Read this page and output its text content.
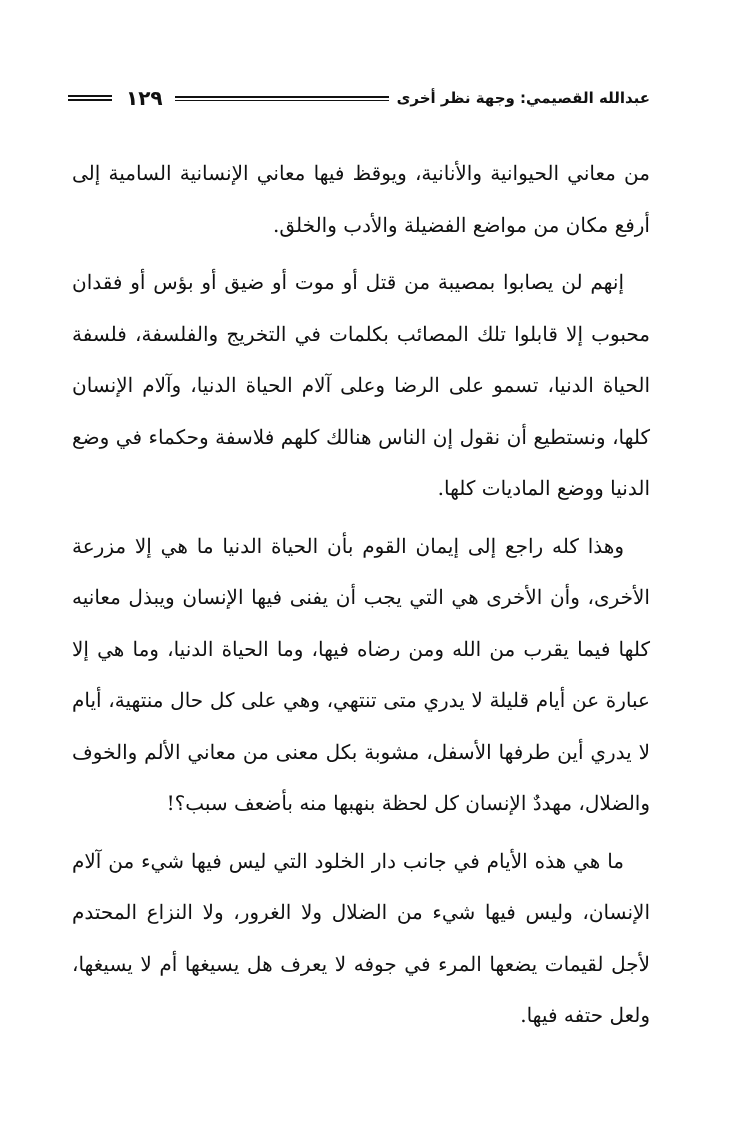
١٢٩	عبدالله القصيمي: وجهة نظر أخرى

من معاني الحيوانية والأنانية، ويوقظ فيها معاني الإنسانية السامية إلى أرفع مكان من مواضع الفضيلة والأدب والخلق.

إنهم لن يصابوا بمصيبة من قتل أو موت أو ضيق أو بؤس أو فقدان محبوب إلا قابلوا تلك المصائب بكلمات في التخريج والفلسفة، فلسفة الحياة الدنيا، تسمو على الرضا وعلى آلام الحياة الدنيا، وآلام الإنسان كلها، ونستطيع أن نقول إن الناس هنالك كلهم فلاسفة وحكماء في وضع الدنيا ووضع الماديات كلها.

وهذا كله راجع إلى إيمان القوم بأن الحياة الدنيا ما هي إلا مزرعة الأخرى، وأن الأخرى هي التي يجب أن يفنى فيها الإنسان ويبذل معانيه كلها فيما يقرب من الله ومن رضاه فيها، وما الحياة الدنيا، وما هي إلا عبارة عن أيام قليلة لا يدري متى تنتهي، وهي على كل حال منتهية، أيام لا يدري أين طرفها الأسفل، مشوبة بكل معنى من معاني الألم والخوف والضلال، مهددٌ الإنسان كل لحظة بنهبها منه بأضعف سبب؟!

ما هي هذه الأيام في جانب دار الخلود التي ليس فيها شيء من آلام الإنسان، وليس فيها شيء من الضلال ولا الغرور، ولا النزاع المحتدم لأجل لقيمات يضعها المرء في جوفه لا يعرف هل يسيغها أم لا يسيغها، ولعل حتفه فيها.
